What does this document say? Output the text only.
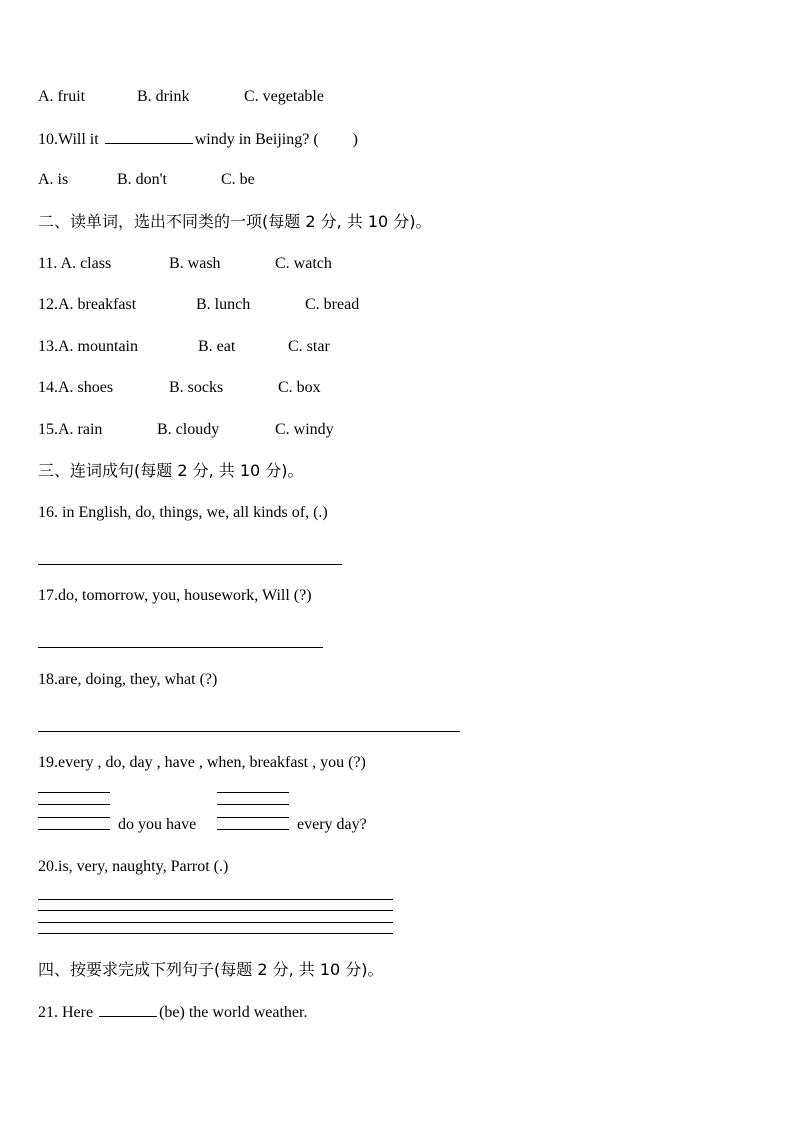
A. fruit	B. drink	C. vegetable
10.Will it	windy in Beijing? ( )
A. is	B. don't	C. be
二、读单词，选出不同类的一项(每题 2 分, 共 10 分)。
11. A. class	B. wash	C. watch
12.A. breakfast	B. lunch	C. bread
13.A. mountain	B. eat	C. star
14.A. shoes	B. socks	C. box
15.A. rain	B. cloudy	C. windy
三、连词成句(每题 2 分, 共 10 分)。
16. in English, do, things, we, all kinds of, (.)
17.do, tomorrow, you, housework, Will (?)
18.are, doing, they, what (?)
19.every , do, day , have , when, breakfast , you (?)
do you have	every day?
20.is, very, naughty, Parrot (.)
四、按要求完成下列句子(每题 2 分, 共 10 分)。
21. Here	(be) the world weather.
